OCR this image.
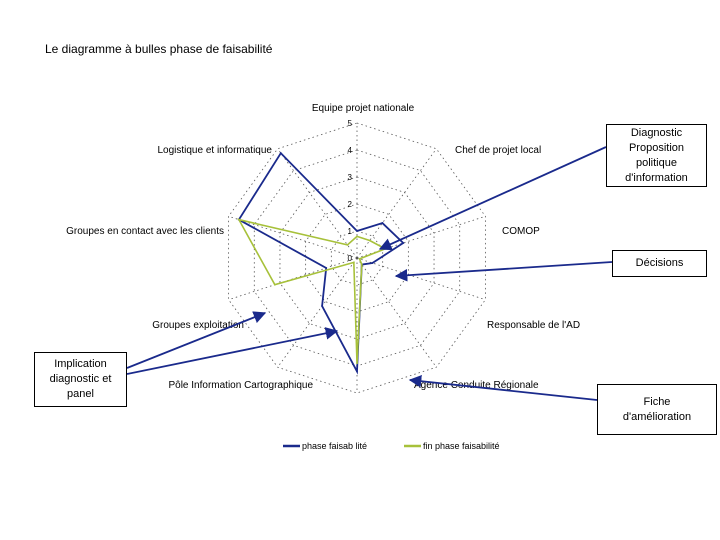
Le diagramme à bulles phase de faisabilité
0
1
2
3
4
5
Equipe projet nationale
Chef de projet local
COMOP
Responsable de l'AD
Agence Conduite Régionale
Pôle Information Cartographique
Groupes exploitation
Groupes en contact avec les clients
Logistique et informatique
phase faisab lité	fin phase faisabilité
Diagnostic
Proposition
politique
d'information
Décisions
Implication
diagnostic et
panel
Fiche
d'amélioration
